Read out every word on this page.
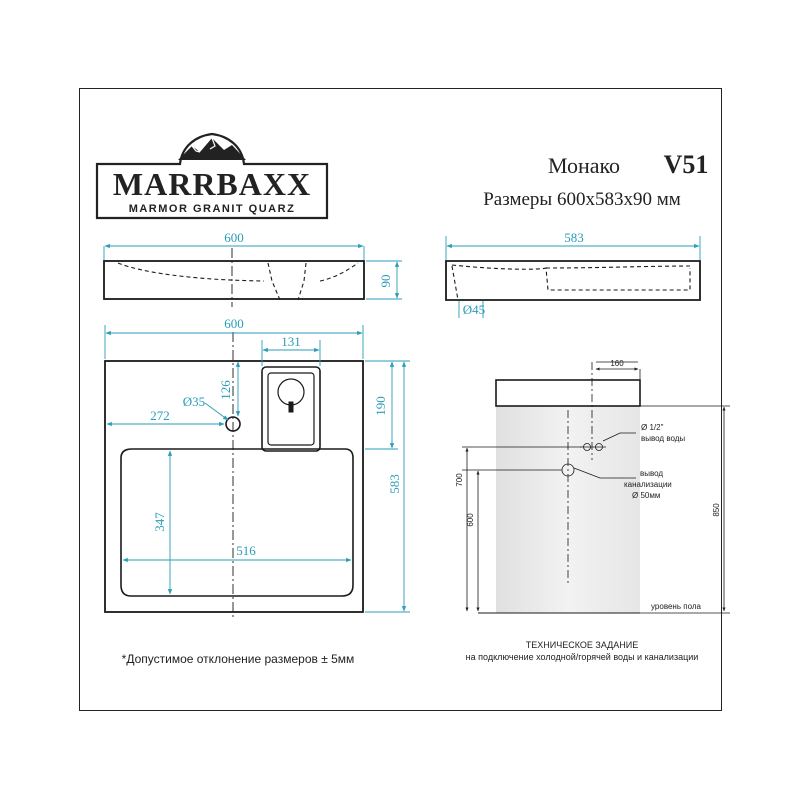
MARRBAXX
MARMOR GRANIT QUARZ
Монако V51
Размеры 600x583x90 мм
600
90
583
Ø45
600
131
Ø35
126
272	190
583
347
516
160
Ø 1/2"
вывод воды
вывод
канализации
Ø 50мм
700
600
850
уровень пола
*Допустимое отклонение размеров ± 5мм
ТЕХНИЧЕСКОЕ ЗАДАНИЕ
на подключение холодной/горячей воды и канализации
